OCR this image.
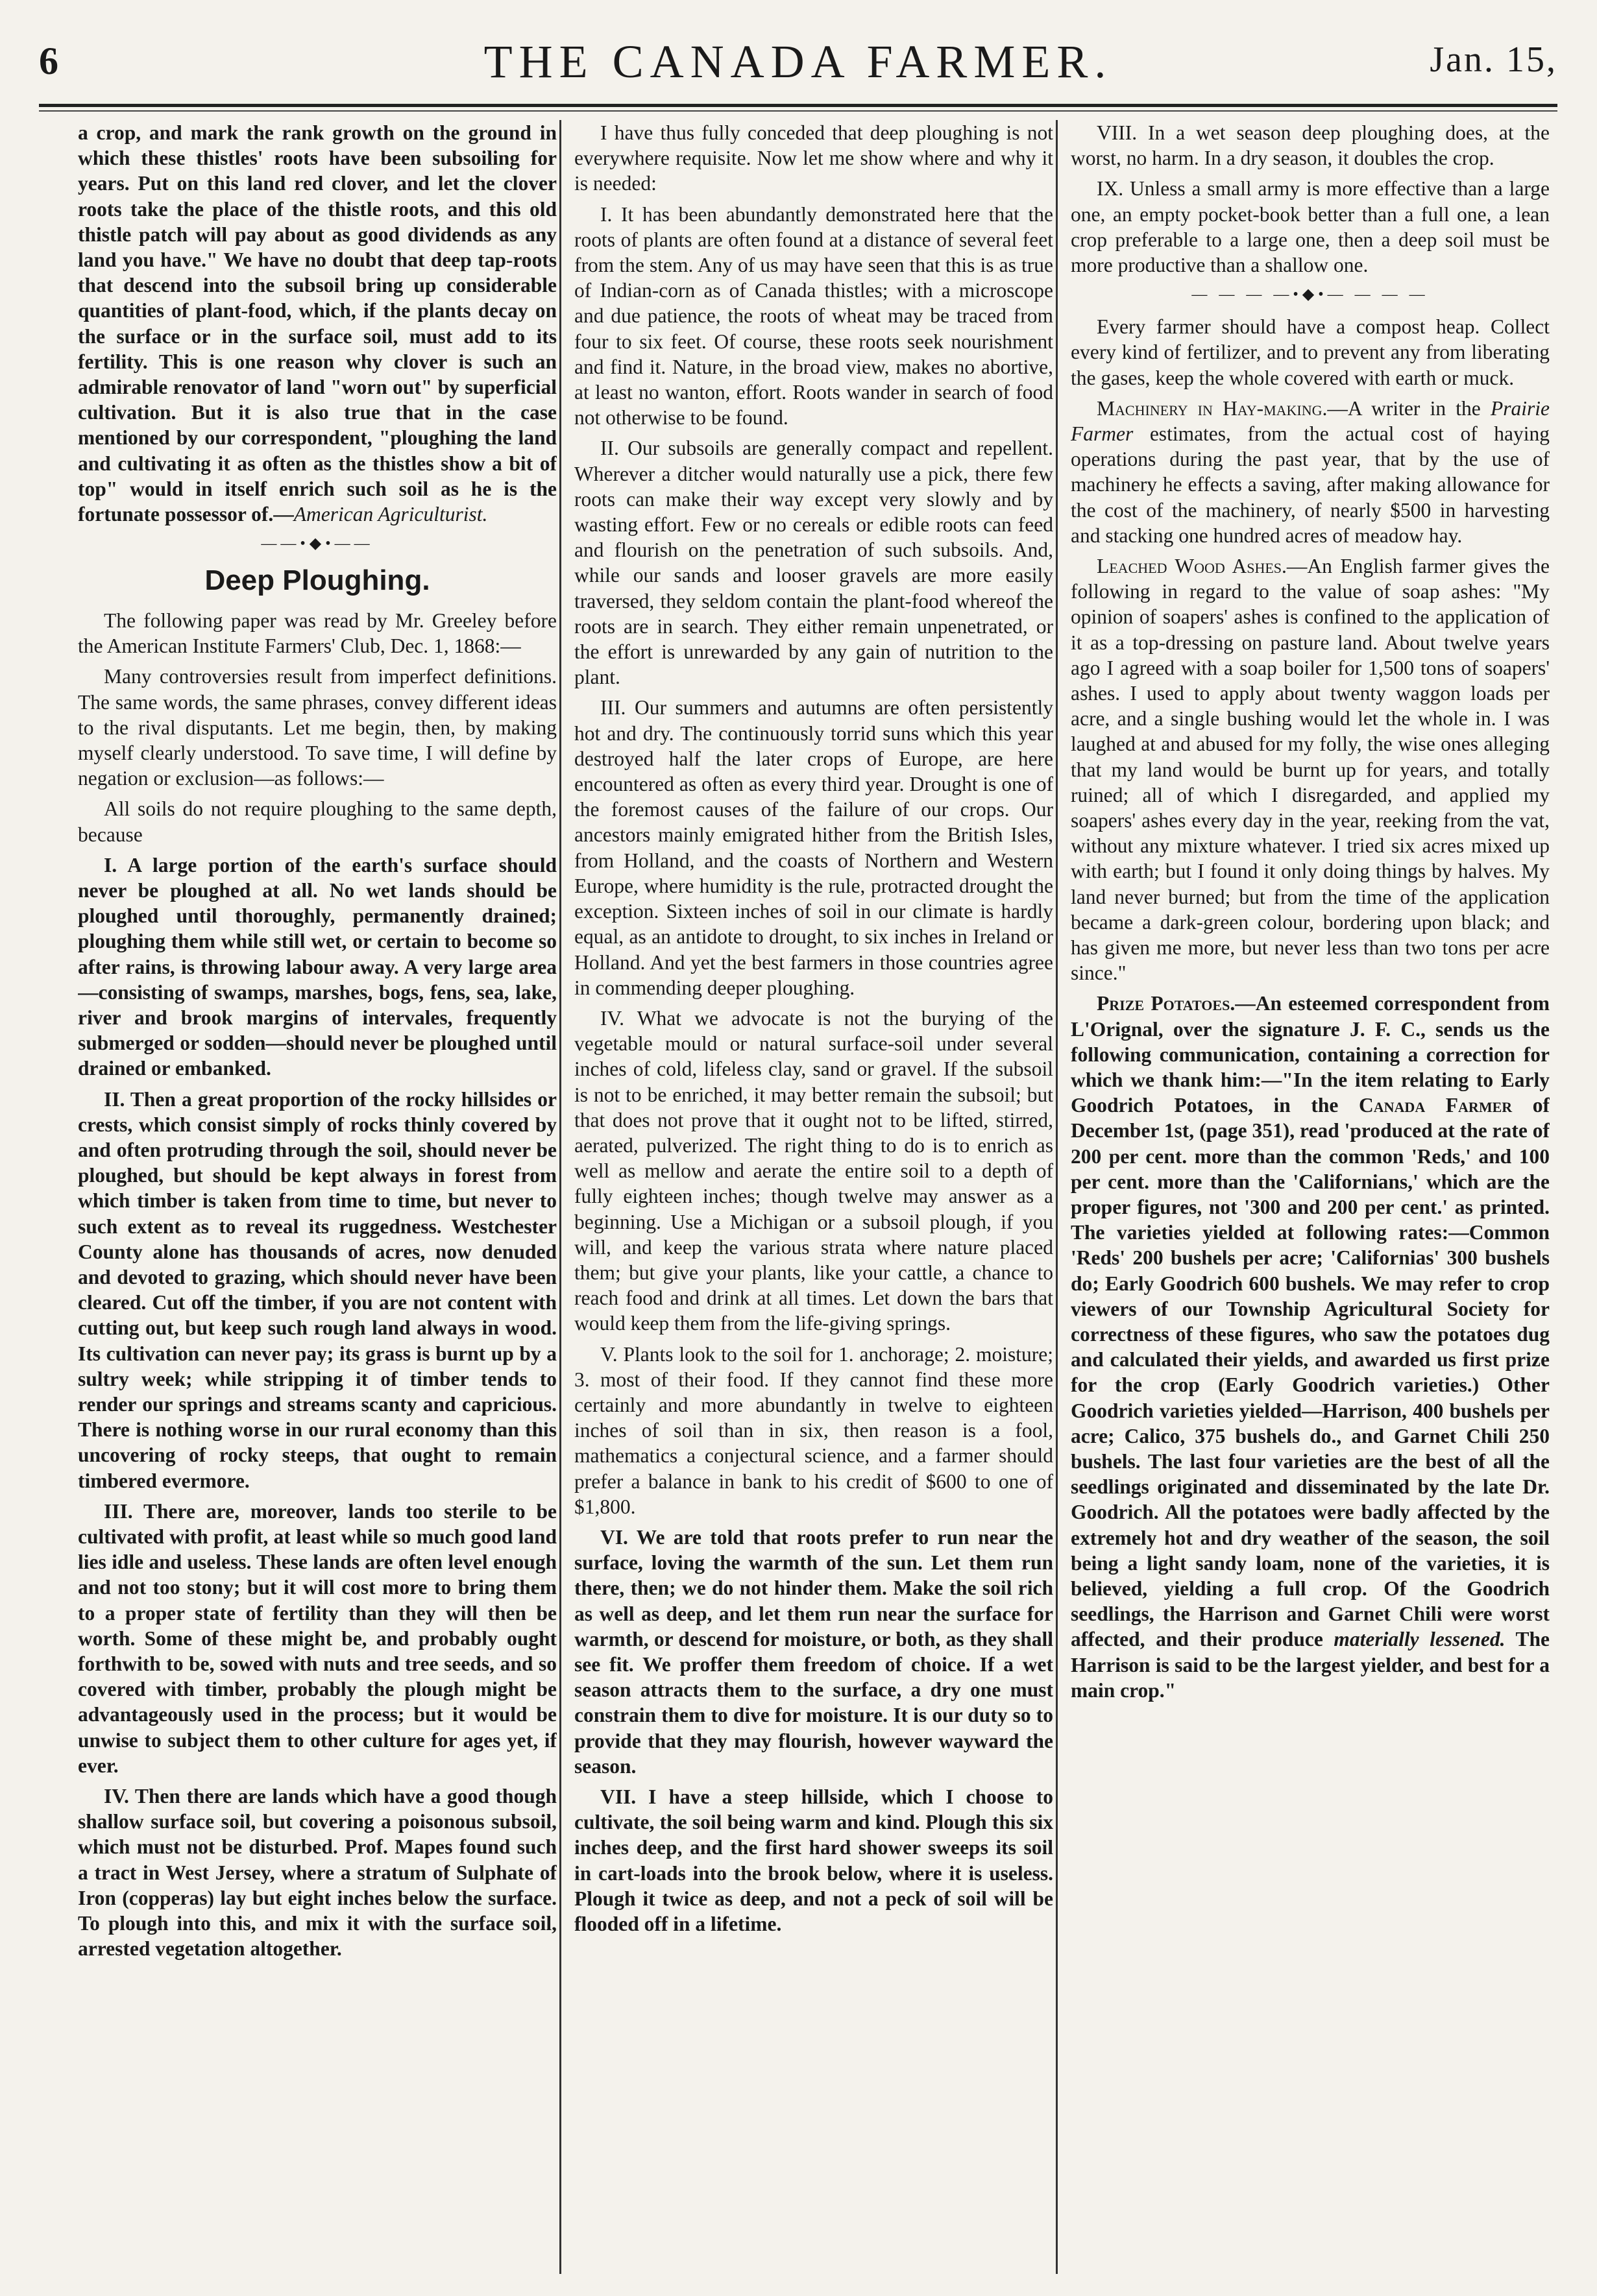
6	THE CANADA FARMER.	Jan. 15,

a crop, and mark the rank growth on the ground in which these thistles' roots have been subsoiling for years. Put on this land red clover, and let the clover roots take the place of the thistle roots, and this old thistle patch will pay about as good dividends as any land you have." We have no doubt that deep tap-roots that descend into the subsoil bring up considerable quantities of plant-food, which, if the plants decay on the surface or in the surface soil, must add to its fertility. This is one reason why clover is such an admirable renovator of land "worn out" by superficial cultivation. But it is also true that in the case mentioned by our correspondent, "ploughing the land and cultivating it as often as the thistles show a bit of top" would in itself enrich such soil as he is the fortunate possessor of.—American Agriculturist.

——•◆•——
Deep Ploughing.

The following paper was read by Mr. Greeley before the American Institute Farmers' Club, Dec. 1, 1868:—

Many controversies result from imperfect definitions. The same words, the same phrases, convey different ideas to the rival disputants. Let me begin, then, by making myself clearly understood. To save time, I will define by negation or exclusion—as follows:—

All soils do not require ploughing to the same depth, because

I. A large portion of the earth's surface should never be ploughed at all. No wet lands should be ploughed until thoroughly, permanently drained; ploughing them while still wet, or certain to become so after rains, is throwing labour away. A very large area—consisting of swamps, marshes, bogs, fens, sea, lake, river and brook margins of intervales, frequently submerged or sodden—should never be ploughed until drained or embanked.

II. Then a great proportion of the rocky hillsides or crests, which consist simply of rocks thinly covered by and often protruding through the soil, should never be ploughed, but should be kept always in forest from which timber is taken from time to time, but never to such extent as to reveal its ruggedness. Westchester County alone has thousands of acres, now denuded and devoted to grazing, which should never have been cleared. Cut off the timber, if you are not content with cutting out, but keep such rough land always in wood. Its cultivation can never pay; its grass is burnt up by a sultry week; while stripping it of timber tends to render our springs and streams scanty and capricious. There is nothing worse in our rural economy than this uncovering of rocky steeps, that ought to remain timbered evermore.

III. There are, moreover, lands too sterile to be cultivated with profit, at least while so much good land lies idle and useless. These lands are often level enough and not too stony; but it will cost more to bring them to a proper state of fertility than they will then be worth. Some of these might be, and probably ought forthwith to be, sowed with nuts and tree seeds, and so covered with timber, probably the plough might be advantageously used in the process; but it would be unwise to subject them to other culture for ages yet, if ever.

IV. Then there are lands which have a good though shallow surface soil, but covering a poisonous subsoil, which must not be disturbed. Prof. Mapes found such a tract in West Jersey, where a stratum of Sulphate of Iron (copperas) lay but eight inches below the surface. To plough into this, and mix it with the surface soil, arrested vegetation altogether.

I have thus fully conceded that deep ploughing is not everywhere requisite. Now let me show where and why it is needed:

I. It has been abundantly demonstrated here that the roots of plants are often found at a distance of several feet from the stem. Any of us may have seen that this is as true of Indian-corn as of Canada thistles; with a microscope and due patience, the roots of wheat may be traced from four to six feet. Of course, these roots seek nourishment and find it. Nature, in the broad view, makes no abortive, at least no wanton, effort. Roots wander in search of food not otherwise to be found.

II. Our subsoils are generally compact and repellent. Wherever a ditcher would naturally use a pick, there few roots can make their way except very slowly and by wasting effort. Few or no cereals or edible roots can feed and flourish on the penetration of such subsoils. And, while our sands and looser gravels are more easily traversed, they seldom contain the plant-food whereof the roots are in search. They either remain unpenetrated, or the effort is unrewarded by any gain of nutrition to the plant.

III. Our summers and autumns are often persistently hot and dry. The continuously torrid suns which this year destroyed half the later crops of Europe, are here encountered as often as every third year. Drought is one of the foremost causes of the failure of our crops. Our ancestors mainly emigrated hither from the British Isles, from Holland, and the coasts of Northern and Western Europe, where humidity is the rule, protracted drought the exception. Sixteen inches of soil in our climate is hardly equal, as an antidote to drought, to six inches in Ireland or Holland. And yet the best farmers in those countries agree in commending deeper ploughing.

IV. What we advocate is not the burying of the vegetable mould or natural surface-soil under several inches of cold, lifeless clay, sand or gravel. If the subsoil is not to be enriched, it may better remain the subsoil; but that does not prove that it ought not to be lifted, stirred, aerated, pulverized. The right thing to do is to enrich as well as mellow and aerate the entire soil to a depth of fully eighteen inches; though twelve may answer as a beginning. Use a Michigan or a subsoil plough, if you will, and keep the various strata where nature placed them; but give your plants, like your cattle, a chance to reach food and drink at all times. Let down the bars that would keep them from the life-giving springs.

V. Plants look to the soil for 1. anchorage; 2. moisture; 3. most of their food. If they cannot find these more certainly and more abundantly in twelve to eighteen inches of soil than in six, then reason is a fool, mathematics a conjectural science, and a farmer should prefer a balance in bank to his credit of $600 to one of $1,800.

VI. We are told that roots prefer to run near the surface, loving the warmth of the sun. Let them run there, then; we do not hinder them. Make the soil rich as well as deep, and let them run near the surface for warmth, or descend for moisture, or both, as they shall see fit. We proffer them freedom of choice. If a wet season attracts them to the surface, a dry one must constrain them to dive for moisture. It is our duty so to provide that they may flourish, however wayward the season.

VII. I have a steep hillside, which I choose to cultivate, the soil being warm and kind. Plough this six inches deep, and the first hard shower sweeps its soil in cart-loads into the brook below, where it is useless. Plough it twice as deep, and not a peck of soil will be flooded off in a lifetime.

VIII. In a wet season deep ploughing does, at the worst, no harm. In a dry season, it doubles the crop.

IX. Unless a small army is more effective than a large one, an empty pocket-book better than a full one, a lean crop preferable to a large one, then a deep soil must be more productive than a shallow one.

— — — —•◆•— — — —

Every farmer should have a compost heap. Collect every kind of fertilizer, and to prevent any from liberating the gases, keep the whole covered with earth or muck.

Machinery in Hay-making.—A writer in the Prairie Farmer estimates, from the actual cost of haying operations during the past year, that by the use of machinery he effects a saving, after making allowance for the cost of the machinery, of nearly $500 in harvesting and stacking one hundred acres of meadow hay.

Leached Wood Ashes.—An English farmer gives the following in regard to the value of soap ashes: "My opinion of soapers' ashes is confined to the application of it as a top-dressing on pasture land. About twelve years ago I agreed with a soap boiler for 1,500 tons of soapers' ashes. I used to apply about twenty waggon loads per acre, and a single bushing would let the whole in. I was laughed at and abused for my folly, the wise ones alleging that my land would be burnt up for years, and totally ruined; all of which I disregarded, and applied my soapers' ashes every day in the year, reeking from the vat, without any mixture whatever. I tried six acres mixed up with earth; but I found it only doing things by halves. My land never burned; but from the time of the application became a dark-green colour, bordering upon black; and has given me more, but never less than two tons per acre since."

Prize Potatoes.—An esteemed correspondent from L'Orignal, over the signature J. F. C., sends us the following communication, containing a correction for which we thank him:—"In the item relating to Early Goodrich Potatoes, in the Canada Farmer of December 1st, (page 351), read 'produced at the rate of 200 per cent. more than the common 'Reds,' and 100 per cent. more than the 'Californians,' which are the proper figures, not '300 and 200 per cent.' as printed. The varieties yielded at following rates:—Common 'Reds' 200 bushels per acre; 'Californias' 300 bushels do; Early Goodrich 600 bushels. We may refer to crop viewers of our Township Agricultural Society for correctness of these figures, who saw the potatoes dug and calculated their yields, and awarded us first prize for the crop (Early Goodrich varieties.) Other Goodrich varieties yielded—Harrison, 400 bushels per acre; Calico, 375 bushels do., and Garnet Chili 250 bushels. The last four varieties are the best of all the seedlings originated and disseminated by the late Dr. Goodrich. All the potatoes were badly affected by the extremely hot and dry weather of the season, the soil being a light sandy loam, none of the varieties, it is believed, yielding a full crop. Of the Goodrich seedlings, the Harrison and Garnet Chili were worst affected, and their produce materially lessened. The Harrison is said to be the largest yielder, and best for a main crop."
